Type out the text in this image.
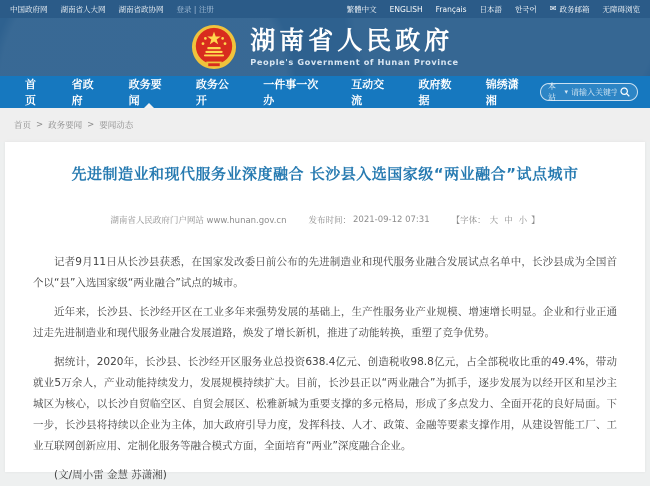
中国政府网 湖南省人大网 湖南省政协网 登录 | 注册	繁體中文 ENGLISH Français 日本語 한국어 ✉ 政务邮箱 无障碍浏览
湖南省人民政府
People's Government of Hunan Province
首页
省政府
政务要闻
政务公开
一件事一次办
互动交流
政府数据
锦绣潇湘
本站
▾
请输入关键字
首页 > 政务要闻 > 要闻动态
先进制造业和现代服务业深度融合 长沙县入选国家级“两业融合”试点城市
湖南省人民政府门户网站 www.hunan.gov.cn	发布时间： 2021-09-12 07:31	【字体： 大 中 小 】

记者9月11日从长沙县获悉，在国家发改委日前公布的先进制造业和现代服务业融合发展试点名单中，长沙县成为全国首个以“县”入选国家级“两业融合”试点的城市。

近年来，长沙县、长沙经开区在工业多年来强势发展的基础上，生产性服务业产业规模、增速增长明显。企业和行业正通过走先进制造业和现代服务业融合发展道路，焕发了增长新机，推进了动能转换，重塑了竞争优势。

据统计，2020年，长沙县、长沙经开区服务业总投资638.4亿元、创造税收98.8亿元，占全部税收比重的49.4%，带动就业5万余人，产业动能持续发力，发展规模持续扩大。目前，长沙县正以“两业融合”为抓手，逐步发展为以经开区和星沙主城区为核心，以长沙自贸临空区、自贸会展区、松雅新城为重要支撑的多元格局，形成了多点发力、全面开花的良好局面。下一步，长沙县将持续以企业为主体，加大政府引导力度，发挥科技、人才、政策、金融等要素支撑作用，从建设智能工厂、工业互联网创新应用、定制化服务等融合模式方面，全面培育“两业”深度融合企业。

(文/周小雷 金慧 苏潇湘)
